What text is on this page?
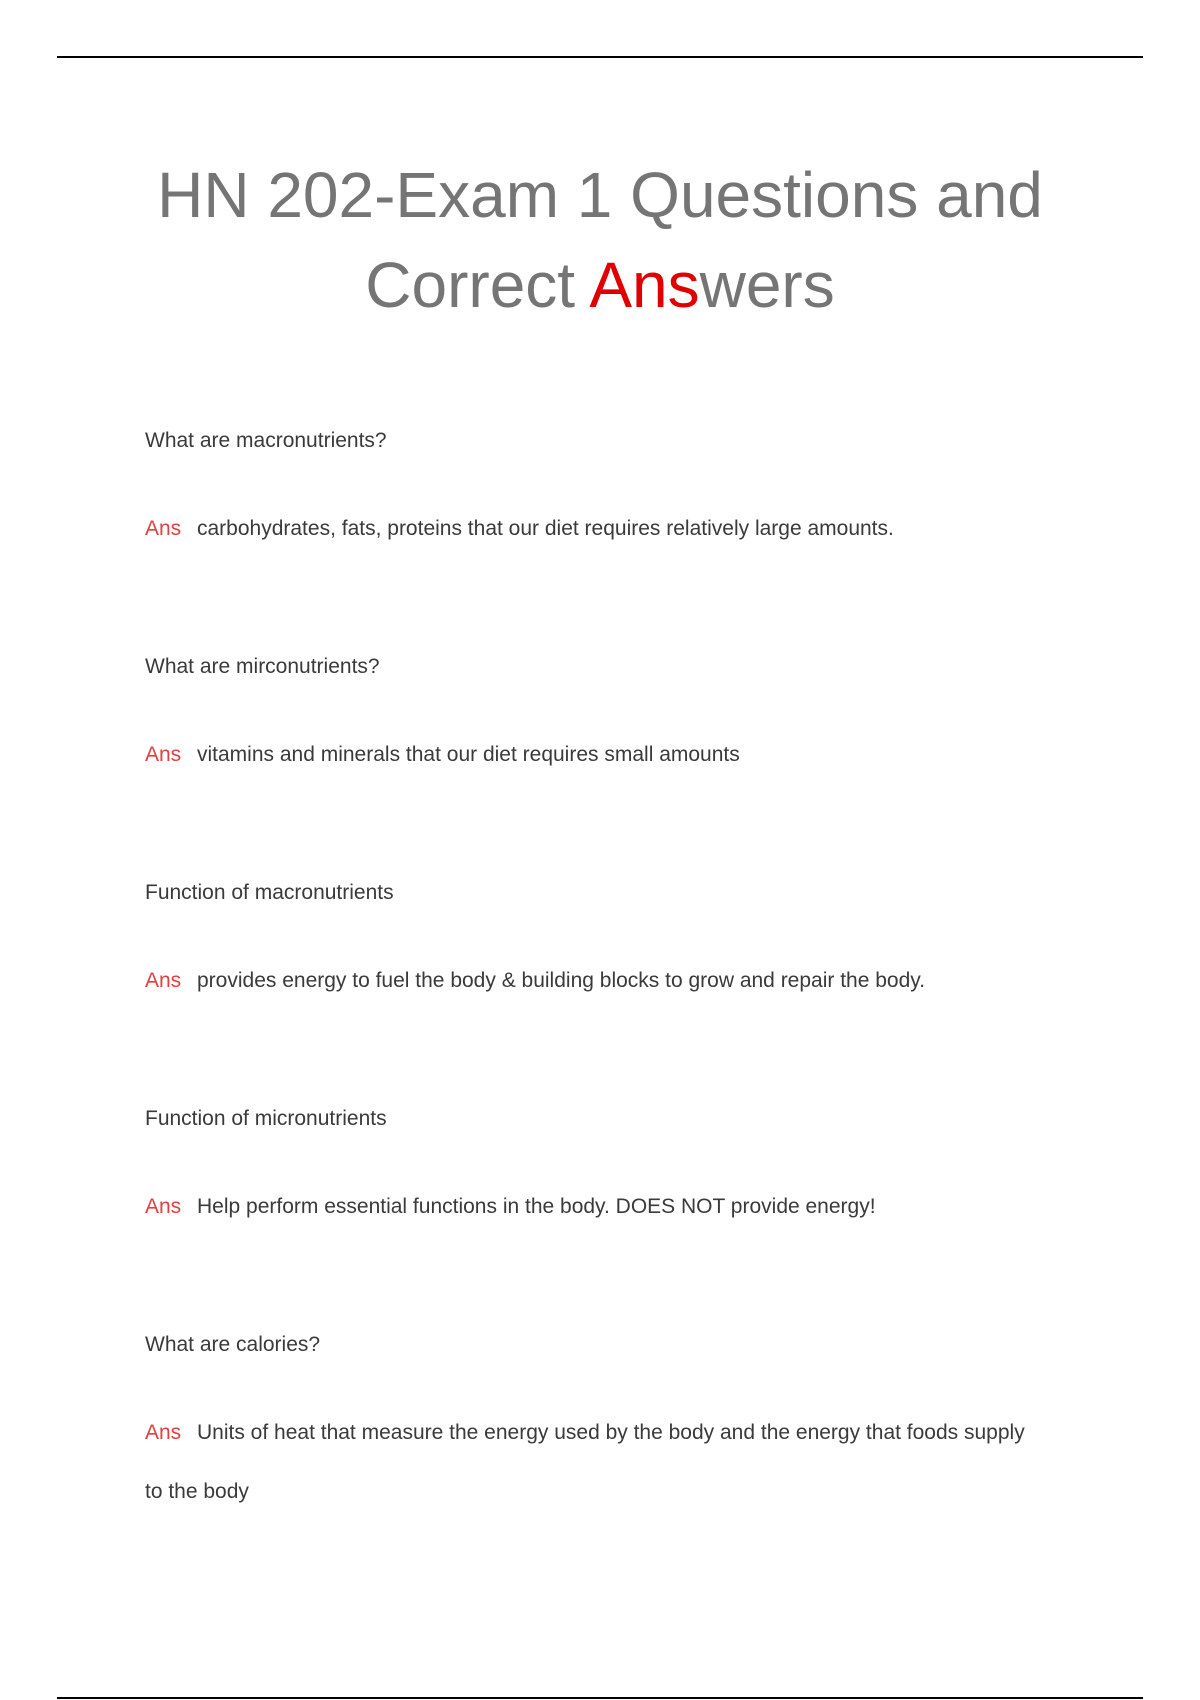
HN 202-Exam 1 Questions and
Correct Answers

What are macronutrients?

Ans carbohydrates, fats, proteins that our diet requires relatively large amounts.

What are mirconutrients?

Ans vitamins and minerals that our diet requires small amounts

Function of macronutrients

Ans provides energy to fuel the body & building blocks to grow and repair the body.

Function of micronutrients

Ans Help perform essential functions in the body. DOES NOT provide energy!

What are calories?

Ans Units of heat that measure the energy used by the body and the energy that foods supply to the body
